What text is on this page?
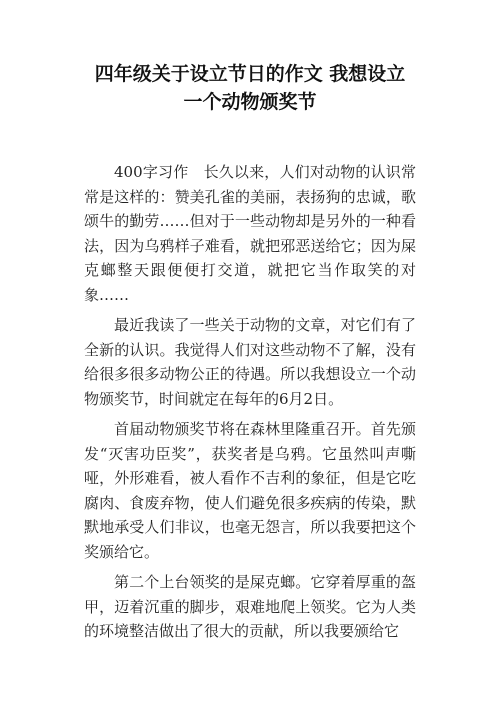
四年级关于设立节日的作文 我想设立
一个动物颁奖节

400字习作　长久以来，人们对动物的认识常常是这样的：赞美孔雀的美丽，表扬狗的忠诚，歌颂牛的勤劳……但对于一些动物却是另外的一种看法，因为乌鸦样子难看，就把邪恶送给它；因为屎克螂整天跟便便打交道，就把它当作取笑的对象……

最近我读了一些关于动物的文章，对它们有了全新的认识。我觉得人们对这些动物不了解，没有给很多很多动物公正的待遇。所以我想设立一个动物颁奖节，时间就定在每年的6月2日。

首届动物颁奖节将在森林里隆重召开。首先颁发“灭害功臣奖”，获奖者是乌鸦。它虽然叫声嘶哑，外形难看，被人看作不吉利的象征，但是它吃腐肉、食废弃物，使人们避免很多疾病的传染，默默地承受人们非议，也毫无怨言，所以我要把这个奖颁给它。

第二个上台领奖的是屎克螂。它穿着厚重的盔甲，迈着沉重的脚步，艰难地爬上领奖。它为人类的环境整洁做出了很大的贡献，所以我要颁给它
